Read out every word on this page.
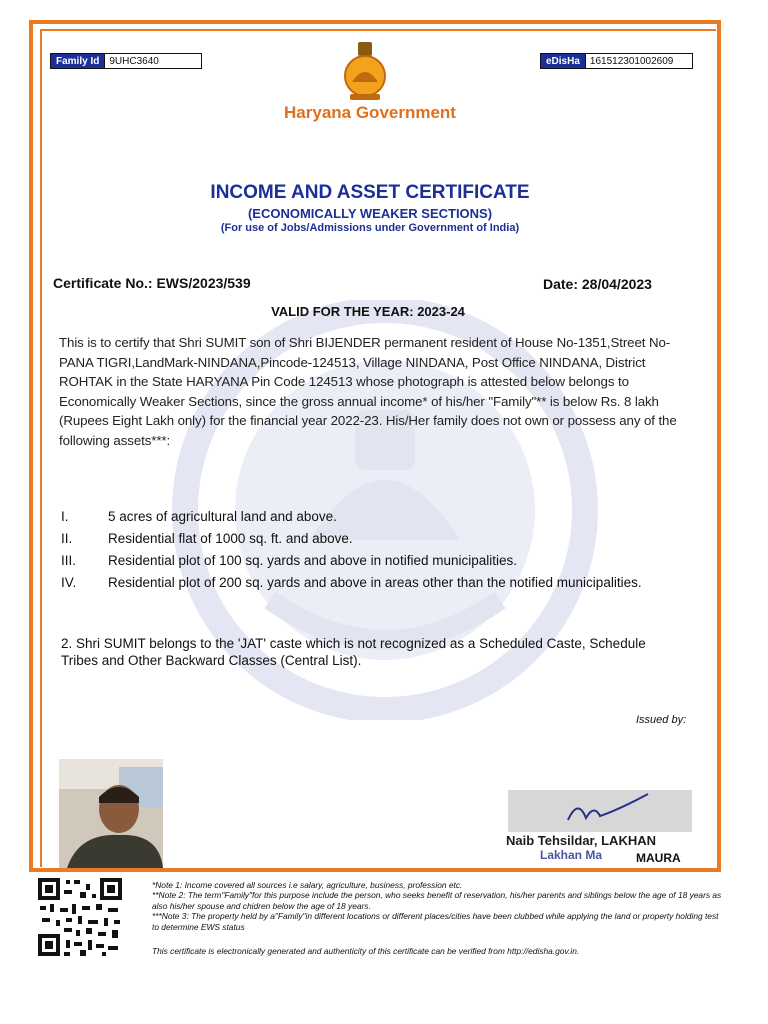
Family Id	9UHC3640	eDisHa	161512301002609
Haryana Government
INCOME AND ASSET CERTIFICATE
(ECONOMICALLY WEAKER SECTIONS)
(For use of Jobs/Admissions under Government of India)
Certificate No.: EWS/2023/539	Date: 28/04/2023
VALID FOR THE YEAR: 2023-24
This is to certify that Shri SUMIT son of Shri BIJENDER permanent resident of House No-1351,Street No-PANA TIGRI,LandMark-NINDANA,Pincode-124513, Village NINDANA, Post Office NINDANA, District ROHTAK in the State HARYANA Pin Code 124513 whose photograph is attested below belongs to Economically Weaker Sections, since the gross annual income* of his/her "Family"** is below Rs. 8 lakh (Rupees Eight Lakh only) for the financial year 2022-23. His/Her family does not own or possess any of the following assets***:
I.	5 acres of agricultural land and above.
II.	Residential flat of 1000 sq. ft. and above.
III.	Residential plot of 100 sq. yards and above in notified municipalities.
IV.	Residential plot of 200 sq. yards and above in areas other than the notified municipalities.
2. Shri SUMIT belongs to the 'JAT' caste which is not recognized as a Scheduled Caste, Schedule Tribes and Other Backward Classes (Central List).
Issued by:
Lakhan Ma
Naib Tehsildar, LAKHAN
MAURA
*Note 1: Income covered all sources i.e salary, agriculture, business, profession etc.
**Note 2: The term"Family"for this purpose include the person, who seeks benefit of reservation, his/her parents and siblings below the age of 18 years as also his/her spouse and chidren below the age of 18 years.
***Note 3: The property held by a"Family"in different locations or different places/cities have been clubbed while applying the land or property holding test to determine EWS status
This certificate is electronically generated and authenticity of this certificate can be verified from http://edisha.gov.in.
